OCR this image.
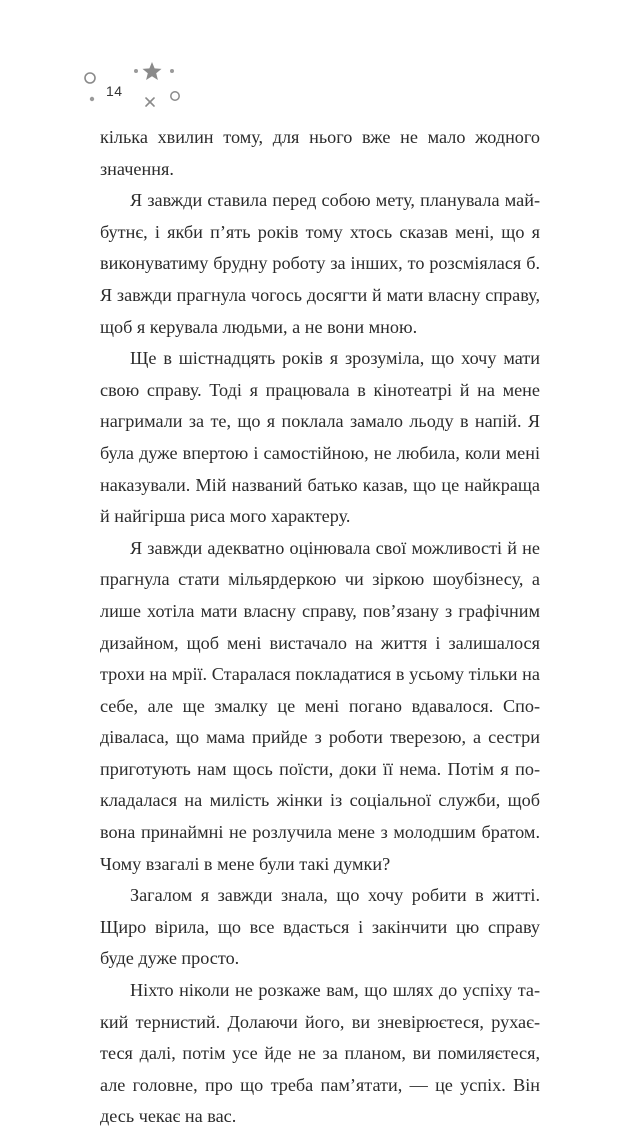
14

кілька хвилин тому, для нього вже не мало жодного значення.

Я завжди ставила перед собою мету, планувала майбутнє, і якби п’ять років тому хтось сказав мені, що я виконуватиму брудну роботу за інших, то розсміялася б. Я завжди прагнула чогось досягти й мати власну справу, щоб я керувала людьми, а не вони мною.

Ще в шістнадцять років я зрозуміла, що хочу мати свою справу. Тоді я працювала в кінотеатрі й на мене нагримали за те, що я поклала замало льоду в напій. Я була дуже впертою і самостійною, не любила, коли мені наказували. Мій названий батько казав, що це найкраща й найгірша риса мого характеру.

Я завжди адекватно оцінювала свої можливості й не прагнула стати мільярдеркою чи зіркою шоубізнесу, а лише хотіла мати власну справу, пов’язану з графічним дизайном, щоб мені вистачало на життя і залишалося трохи на мрії. Старалася покладатися в усьому тільки на себе, але ще змалку це мені погано вдавалося. Сподіваласа, що мама прийде з роботи тверезою, а сестри приготують нам щось поїсти, доки її нема. Потім я покладалася на милість жінки із соціальної служби, щоб вона принаймні не розлучила мене з молодшим братом. Чому взагалі в мене були такі думки?

Загалом я завжди знала, що хочу робити в житті. Щиро вірила, що все вдасться і закінчити цю справу буде дуже просто.

Ніхто ніколи не розкаже вам, що шлях до успіху такий тернистий. Долаючи його, ви зневірюєтеся, рухаєтеся далі, потім усе йде не за планом, ви помиляєтеся, але головне, про що треба пам’ятати, — це успіх. Він десь чекає на вас.
